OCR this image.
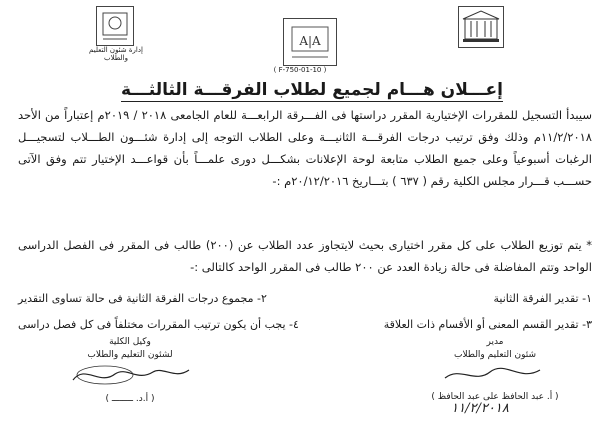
A|A
( F-750-01-10 )
إدارة شئون التعليم والطلاب
إعـــلان هـــام لجميع لطلاب الفرقـــة الثالثـــة
سيبدأ التسجيل للمقررات الإختيارية المقرر دراستها فى الفـــرقة الرابعـــة للعام الجامعى ٢٠١٨ / ٢٠١٩م إعتباراً من الأحد ١١/٢/٢٠١٨م وذلك وفق ترتيب درجات الفرقـــة الثانيـــة وعلى الطلاب التوجه إلى إدارة شئـــون الطـــلاب لتسجيـــل الرغبات أسبوعياً وعلى جميع الطلاب متابعة لوحة الإعلانات بشكـــل دورى علمـــاً بأن قواعـــد الإختيار تتم وفق الآتى حســـب قـــرار مجلس الكلية رقم ( ٦٣٧ ) بتـــاريخ ٢٠/١٢/٢٠١٦م :-
* يتم توزيع الطلاب على كل مقرر اختيارى بحيث لايتجاوز عدد الطلاب عن (٢٠٠) طالب فى المقرر فى الفصل الدراسى الواحد وتتم المفاضلة فى حالة زيادة العدد عن ٢٠٠ طالب فى المقرر الواحد كالتالى :-
١- تقدير الفرقة الثانية
٢- مجموع درجات الفرقة الثانية فى حالة تساوى التقدير
٣- تقدير القسم المعنى أو الأقسام ذات العلاقة
٤- يجب أن يكون ترتيب المقررات مختلفاً فى كل فصل دراسى
مدير
شئون التعليم والطلاب
( أ. عبد الحافظ على عبد الحافظ )
١١/٢/٢٠١٨
وكيل الكلية
لشئون التعليم والطلاب
( أ.د. ــــــــ )
